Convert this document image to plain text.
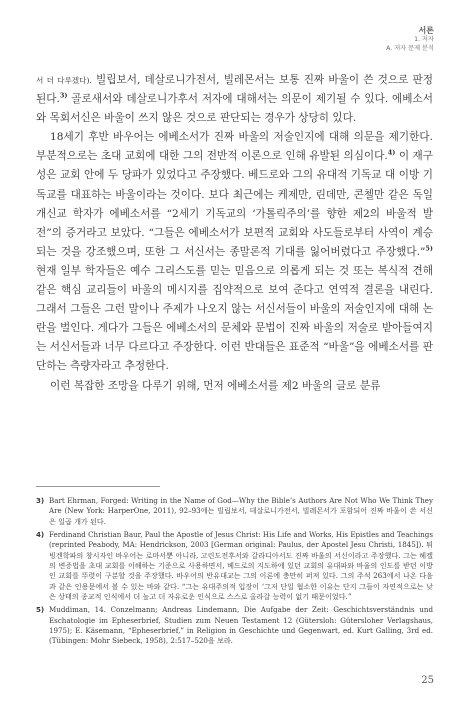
서론
1. 저자
A. 저자 문제 분석

서 더 다루겠다). 빌립보서, 데살로니가전서, 빌레몬서는 보통 진짜 바울이 쓴 것으로 판정된다.$^{3)}$ 골로새서와 데살로니가후서 저자에 대해서는 의문이 제기될 수 있다. 에베소서와 목회서신은 바울이 쓰지 않은 것으로 판단되는 경우가 상당히 있다.

18세기 후반 바우어는 에베소서가 진짜 바울의 저술인지에 대해 의문을 제기한다. 부분적으로는 초대 교회에 대한 그의 전반적 이론으로 인해 유발된 의심이다.$^{4)}$ 이 재구성은 교회 안에 두 당파가 있었다고 주장했다. 베드로와 그의 유대적 기독교 대 이방 기독교를 대표하는 바울이라는 것이다. 보다 최근에는 케제만, 린데만, 콘첼만 같은 독일 개신교 학자가 에베소서를 “2세기 기독교의 ‘가톨릭주의’를 향한 제2의 바울적 발전”의 증거라고 보았다. “그들은 에베소서가 보편적 교회와 사도들로부터 사역이 계승되는 것을 강조했으며, 또한 그 서신서는 종말론적 기대를 잃어버렸다고 주장했다.”$^{5)}$ 현재 일부 학자들은 예수 그리스도를 믿는 믿음으로 의롭게 되는 것 또는 복식적 견해 같은 핵심 교리들이 바울의 메시지를 집약적으로 보여 준다고 연역적 결론을 내린다. 그래서 그들은 그런 말이나 주제가 나오지 않는 서신서들이 바울의 저술인지에 대해 논란을 벌인다. 게다가 그들은 에베소서의 문체와 문법이 진짜 바울의 저술로 받아들여지는 서신서들과 너무 다르다고 주장한다. 이런 반대들은 표준적 “바울”을 에베소서를 판단하는 측량자라고 추정한다.

이런 복잡한 조망을 다루기 위해, 먼저 에베소서를 제2 바울의 글로 분류

3) Bart Ehrman, Forged: Writing in the Name of God—Why the Bible’s Authors Are Not Who We Think They Are (New York: HarperOne, 2011), 92–93에는 빌립보서, 데살로니가전서, 빌레몬서가 포함되어 진짜 바울이 쓴 서신은 일곱 개가 된다.
4) Ferdinand Christian Baur, Paul the Apostle of Jesus Christ: His Life and Works, His Epistles and Teachings (reprinted Peabody, MA: Hendrickson, 2003 [German original: Paulus, der Apostel Jesu Christi, 1845]). 튀빙겐학파의 창시자인 바우어는 로마서뿐 아니라, 고린도전후서와 갈라디아서도 진짜 바울의 서신이라고 주장했다. 그는 헤겔의 변증법을 초대 교회를 이해하는 기준으로 사용하면서, 베드로의 지도하에 있던 교회의 유대파와 바울의 인도를 받던 이방인 교회를 뚜렷이 구분할 것을 주장했다. 바우어의 반유대교는 그의 이론에 충만히 퍼져 있다. 그의 주석 263에서 나온 다음과 같은 인용문에서 볼 수 있는 바와 같다. “그는 유대주의적 입장이 ‘그저 단일 협소한 이유는 단지 그들이 자연적으로는 낮은 상태의 종교적 인식에서 더 높고 더 자유로운 인식으로 스스로 올라갈 능력이 없기 때문이었다.”
5) Muddiman, 14. Conzelmann; Andreas Lindemann, Die Aufgabe der Zeit: Geschichtsverständnis und Eschatologie im Epheserbrief, Studien zum Neuen Testament 12 (Gütersloh: Gütersloher Verlagshaus, 1975); E. Käsemann, “Epheserbrief,” in Religion in Geschichte und Gegenwart, ed. Kurt Galling, 3rd ed. (Tübingen: Mohr Siebeck, 1958), 2:517–520을 보라.
25
